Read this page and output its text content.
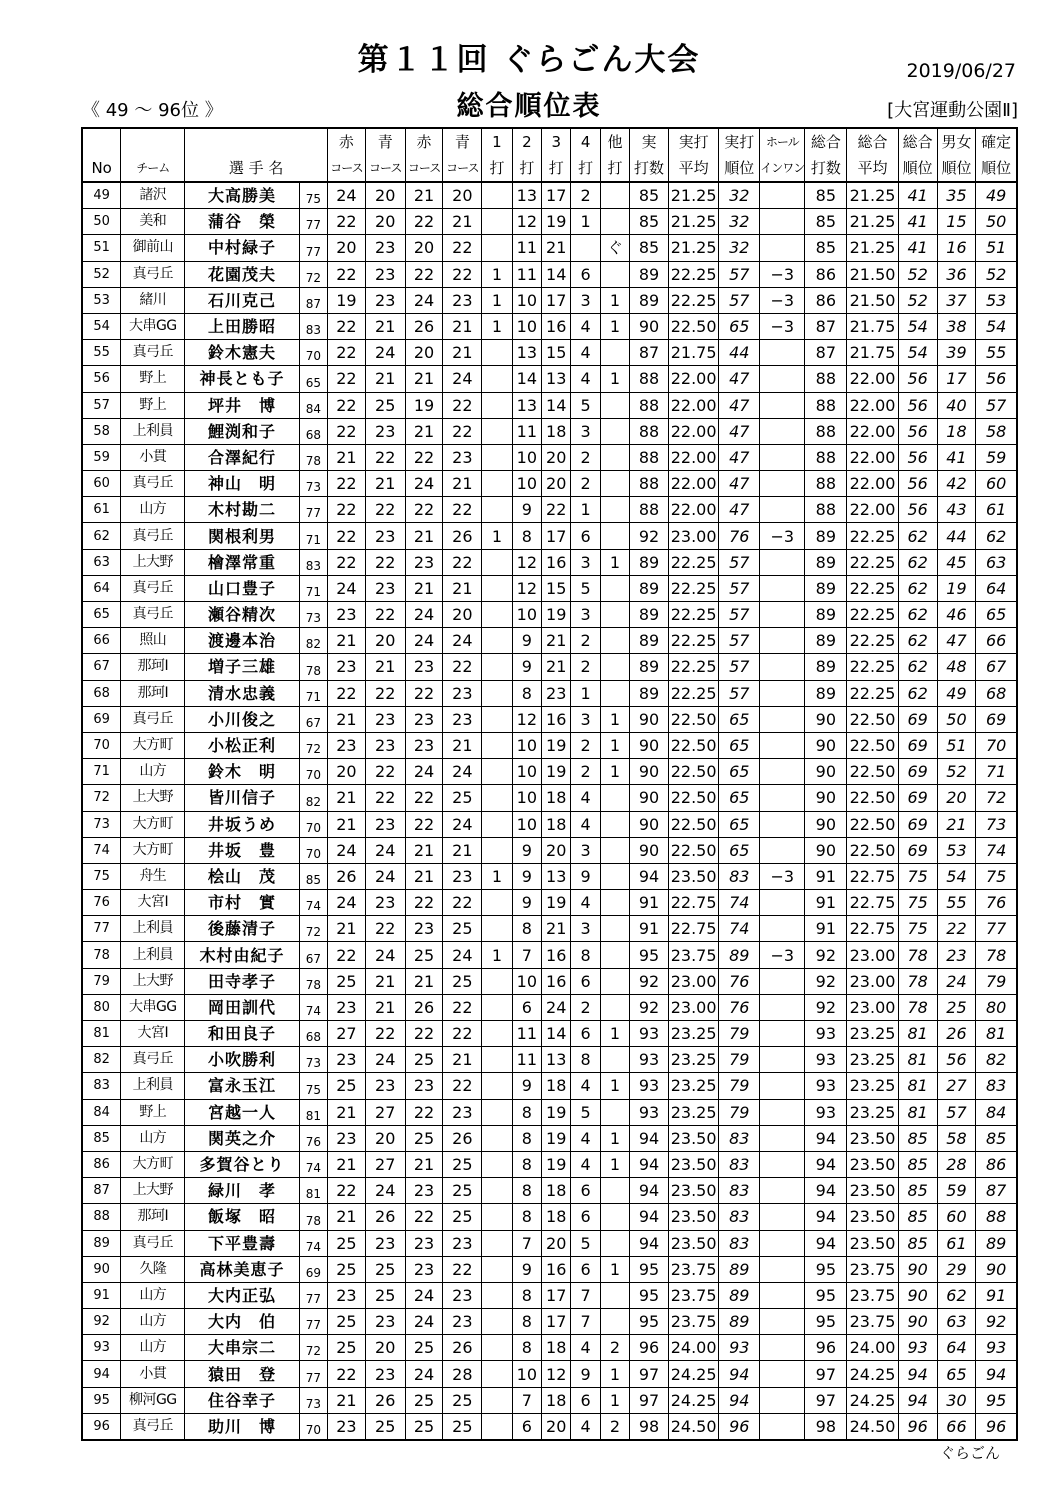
第１１回 ぐらごん大会
総合順位表
2019/06/27
《 49 ～ 96位 》	[大宮運動公園Ⅱ]
				赤	青	赤	青	1	2	3	4	他	実	実打	実打	ホール	総合	総合	総合	男女	確定
No	チーム	選 手 名		コース	コース	コース	コース	打	打	打	打	打	打数	平均	順位	インワン	打数	平均	順位	順位	順位
49	諸沢	大高勝美	75	24	20	21	20		13	17	2		85	21.25	32		85	21.25	41	35	49
50	美和	蒲谷　榮	77	22	20	22	21		12	19	1		85	21.25	32		85	21.25	41	15	50
51	御前山	中村緑子	77	20	23	20	22		11	21		ぐ	85	21.25	32		85	21.25	41	16	51
52	真弓丘	花園茂夫	72	22	23	22	22	1	11	14	6		89	22.25	57	−3	86	21.50	52	36	52
53	緒川	石川克己	87	19	23	24	23	1	10	17	3	1	89	22.25	57	−3	86	21.50	52	37	53
54	大串GG	上田勝昭	83	22	21	26	21	1	10	16	4	1	90	22.50	65	−3	87	21.75	54	38	54
55	真弓丘	鈴木憲夫	70	22	24	20	21		13	15	4		87	21.75	44		87	21.75	54	39	55
56	野上	神長とも子	65	22	21	21	24		14	13	4	1	88	22.00	47		88	22.00	56	17	56
57	野上	坪井　博	84	22	25	19	22		13	14	5		88	22.00	47		88	22.00	56	40	57
58	上利員	鯉渕和子	68	22	23	21	22		11	18	3		88	22.00	47		88	22.00	56	18	58
59	小貫	合澤紀行	78	21	22	22	23		10	20	2		88	22.00	47		88	22.00	56	41	59
60	真弓丘	神山　明	73	22	21	24	21		10	20	2		88	22.00	47		88	22.00	56	42	60
61	山方	木村勘二	77	22	22	22	22		9	22	1		88	22.00	47		88	22.00	56	43	61
62	真弓丘	関根利男	71	22	23	21	26	1	8	17	6		92	23.00	76	−3	89	22.25	62	44	62
63	上大野	檜澤常重	83	22	22	23	22		12	16	3	1	89	22.25	57		89	22.25	62	45	63
64	真弓丘	山口豊子	71	24	23	21	21		12	15	5		89	22.25	57		89	22.25	62	19	64
65	真弓丘	瀬谷精次	73	23	22	24	20		10	19	3		89	22.25	57		89	22.25	62	46	65
66	照山	渡邊本治	82	21	20	24	24		9	21	2		89	22.25	57		89	22.25	62	47	66
67	那珂Ⅰ	増子三雄	78	23	21	23	22		9	21	2		89	22.25	57		89	22.25	62	48	67
68	那珂Ⅰ	清水忠義	71	22	22	22	23		8	23	1		89	22.25	57		89	22.25	62	49	68
69	真弓丘	小川俊之	67	21	23	23	23		12	16	3	1	90	22.50	65		90	22.50	69	50	69
70	大方町	小松正利	72	23	23	23	21		10	19	2	1	90	22.50	65		90	22.50	69	51	70
71	山方	鈴木　明	70	20	22	24	24		10	19	2	1	90	22.50	65		90	22.50	69	52	71
72	上大野	皆川信子	82	21	22	22	25		10	18	4		90	22.50	65		90	22.50	69	20	72
73	大方町	井坂うめ	70	21	23	22	24		10	18	4		90	22.50	65		90	22.50	69	21	73
74	大方町	井坂　豊	70	24	24	21	21		9	20	3		90	22.50	65		90	22.50	69	53	74
75	舟生	桧山　茂	85	26	24	21	23	1	9	13	9		94	23.50	83	−3	91	22.75	75	54	75
76	大宮Ⅰ	市村　實	74	24	23	22	22		9	19	4		91	22.75	74		91	22.75	75	55	76
77	上利員	後藤清子	72	21	22	23	25		8	21	3		91	22.75	74		91	22.75	75	22	77
78	上利員	木村由紀子	67	22	24	25	24	1	7	16	8		95	23.75	89	−3	92	23.00	78	23	78
79	上大野	田寺孝子	78	25	21	21	25		10	16	6		92	23.00	76		92	23.00	78	24	79
80	大串GG	岡田訓代	74	23	21	26	22		6	24	2		92	23.00	76		92	23.00	78	25	80
81	大宮Ⅰ	和田良子	68	27	22	22	22		11	14	6	1	93	23.25	79		93	23.25	81	26	81
82	真弓丘	小吹勝利	73	23	24	25	21		11	13	8		93	23.25	79		93	23.25	81	56	82
83	上利員	富永玉江	75	25	23	23	22		9	18	4	1	93	23.25	79		93	23.25	81	27	83
84	野上	宮越一人	81	21	27	22	23		8	19	5		93	23.25	79		93	23.25	81	57	84
85	山方	関英之介	76	23	20	25	26		8	19	4	1	94	23.50	83		94	23.50	85	58	85
86	大方町	多賀谷とり	74	21	27	21	25		8	19	4	1	94	23.50	83		94	23.50	85	28	86
87	上大野	緑川　孝	81	22	24	23	25		8	18	6		94	23.50	83		94	23.50	85	59	87
88	那珂Ⅰ	飯塚　昭	78	21	26	22	25		8	18	6		94	23.50	83		94	23.50	85	60	88
89	真弓丘	下平豊壽	74	25	23	23	23		7	20	5		94	23.50	83		94	23.50	85	61	89
90	久隆	高林美恵子	69	25	25	23	22		9	16	6	1	95	23.75	89		95	23.75	90	29	90
91	山方	大内正弘	77	23	25	24	23		8	17	7		95	23.75	89		95	23.75	90	62	91
92	山方	大内　伯	77	25	23	24	23		8	17	7		95	23.75	89		95	23.75	90	63	92
93	山方	大串宗二	72	25	20	25	26		8	18	4	2	96	24.00	93		96	24.00	93	64	93
94	小貫	猿田　登	77	22	23	24	28		10	12	9	1	97	24.25	94		97	24.25	94	65	94
95	柳河GG	住谷幸子	73	21	26	25	25		7	18	6	1	97	24.25	94		97	24.25	94	30	95
96	真弓丘	助川　博	70	23	25	25	25		6	20	4	2	98	24.50	96		98	24.50	96	66	96
ぐらごん
